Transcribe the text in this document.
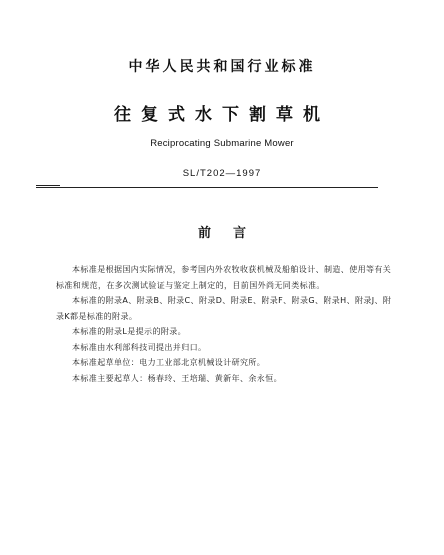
中华人民共和国行业标准
往复式水下割草机
Reciprocating Submarine Mower
SL/T202—1997
前言

本标准是根据国内实际情况，参考国内外农牧收获机械及船舶设计、制造、使用等有关标准和规范，在多次测试验证与鉴定上制定的，目前国外尚无同类标准。

本标准的附录A、附录B、附录C、附录D、附录E、附录F、附录G、附录H、附录J、附录K都是标准的附录。

本标准的附录L是提示的附录。

本标准由水利部科技司提出并归口。

本标准起草单位：电力工业部北京机械设计研究所。

本标准主要起草人：杨春玲、王培瑞、黄新年、余永恒。
